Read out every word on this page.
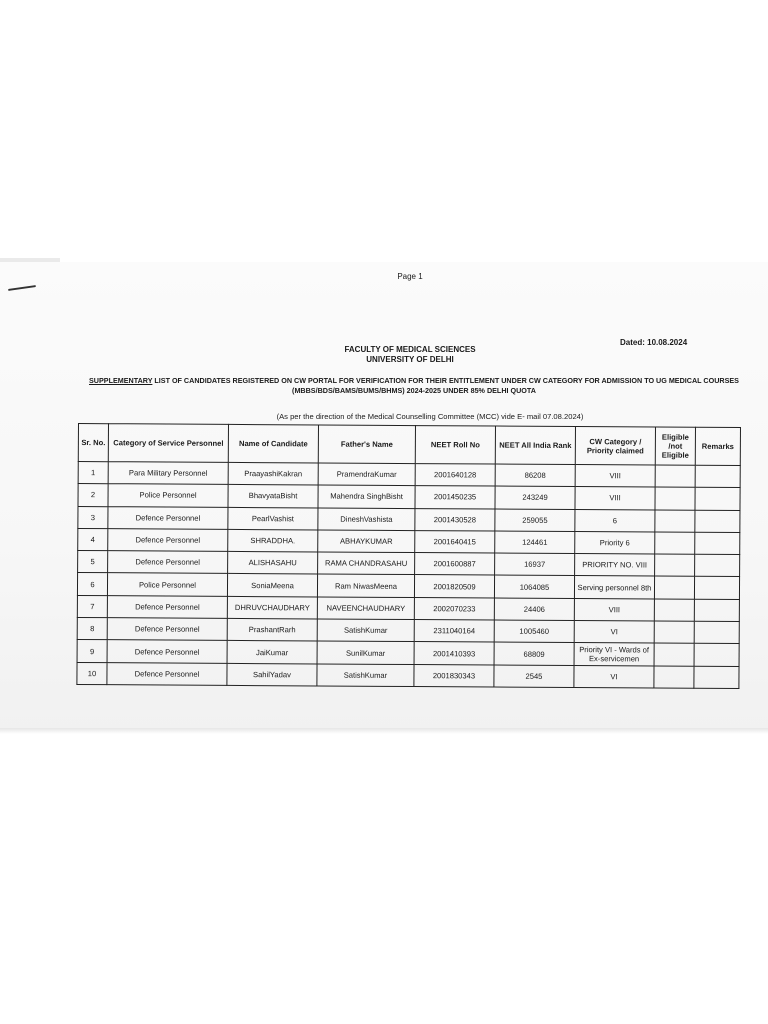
Page 1
Dated: 10.08.2024
FACULTY OF MEDICAL SCIENCES
UNIVERSITY OF DELHI
SUPPLEMENTARY LIST OF CANDIDATES REGISTERED ON CW PORTAL FOR VERIFICATION FOR THEIR ENTITLEMENT UNDER CW CATEGORY FOR ADMISSION TO UG MEDICAL COURSES (MBBS/BDS/BAMS/BUMS/BHMS) 2024-2025 UNDER 85% DELHI QUOTA
(As per the direction of the Medical Counselling Committee (MCC) vide E- mail 07.08.2024)
Sr. No.	Category of Service Personnel	Name of Candidate	Father's Name	NEET Roll No	NEET All India Rank	CW Category / Priority claimed	Eligible /not Eligible	Remarks
1	Para Military Personnel	PraayashiKakran	PramendraKumar	2001640128	86208	VIII		
2	Police Personnel	BhavyataBisht	Mahendra SinghBisht	2001450235	243249	VIII		
3	Defence Personnel	PearlVashist	DineshVashista	2001430528	259055	6		
4	Defence Personnel	SHRADDHA.	ABHAYKUMAR	2001640415	124461	Priority 6		
5	Defence Personnel	ALISHASAHU	RAMA CHANDRASAHU	2001600887	16937	PRIORITY NO. VIII		
6	Police Personnel	SoniaMeena	Ram NiwasMeena	2001820509	1064085	Serving personnel 8th		
7	Defence Personnel	DHRUVCHAUDHARY	NAVEENCHAUDHARY	2002070233	24406	VIII		
8	Defence Personnel	PrashantRarh	SatishKumar	2311040164	1005460	VI		
9	Defence Personnel	JaiKumar	SunilKumar	2001410393	68809	Priority VI - Wards of Ex-servicemen		
10	Defence Personnel	SahilYadav	SatishKumar	2001830343	2545	VI		
